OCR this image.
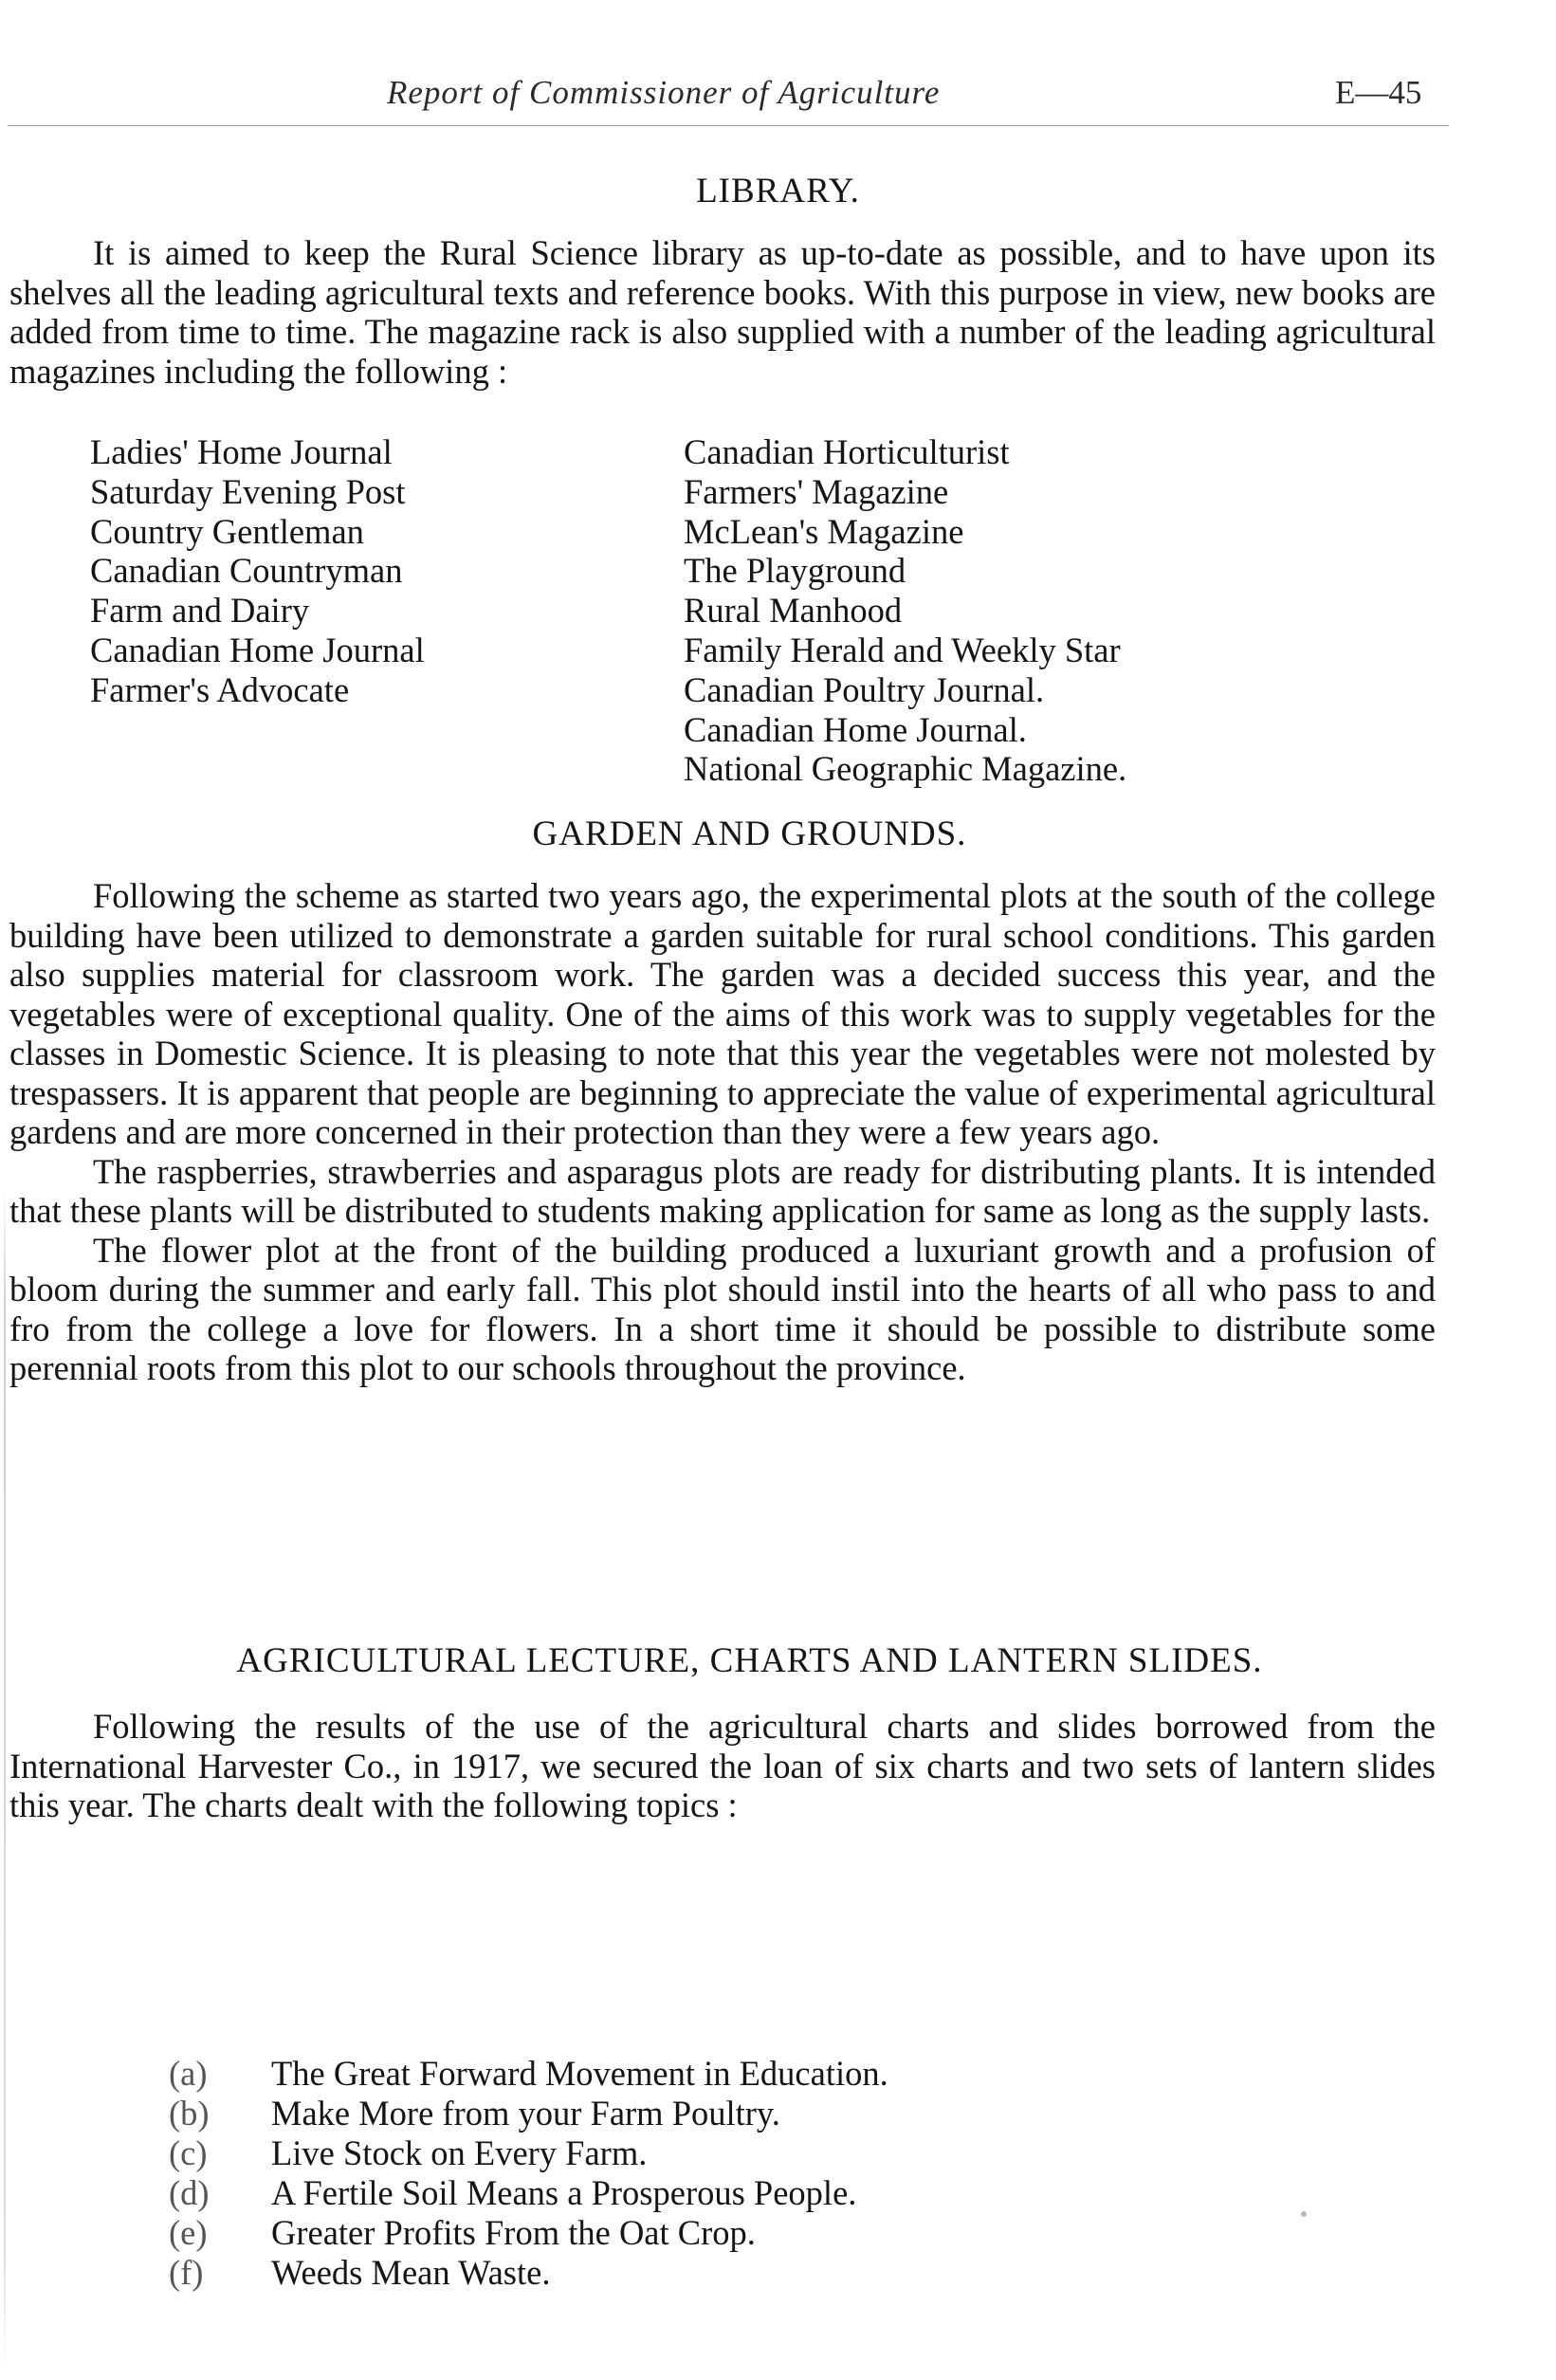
Report of Commissioner of Agriculture	E—45
LIBRARY.

It is aimed to keep the Rural Science library as up-to-date as possible, and to have upon its shelves all the leading agricultural texts and reference books. With this purpose in view, new books are added from time to time. The magazine rack is also supplied with a number of the leading agricultural magazines including the following :

Ladies' Home Journal
Saturday Evening Post
Country Gentleman
Canadian Countryman
Farm and Dairy
Canadian Home Journal
Farmer's Advocate
Canadian Horticulturist
Farmers' Magazine
McLean's Magazine
The Playground
Rural Manhood
Family Herald and Weekly Star
Canadian Poultry Journal.
Canadian Home Journal.
National Geographic Magazine.
GARDEN AND GROUNDS.

Following the scheme as started two years ago, the experimental plots at the south of the college building have been utilized to demonstrate a garden suitable for rural school conditions. This garden also supplies material for classroom work. The garden was a decided success this year, and the vegetables were of exceptional quality. One of the aims of this work was to supply vegetables for the classes in Domestic Science. It is pleasing to note that this year the vegetables were not molested by trespassers. It is apparent that people are beginning to appreciate the value of experimental agricultural gardens and are more concerned in their protection than they were a few years ago.

The raspberries, strawberries and asparagus plots are ready for distributing plants. It is intended that these plants will be distributed to students making application for same as long as the supply lasts.

The flower plot at the front of the building produced a luxuriant growth and a profusion of bloom during the summer and early fall. This plot should instil into the hearts of all who pass to and fro from the college a love for flowers. In a short time it should be possible to distribute some perennial roots from this plot to our schools throughout the province.

AGRICULTURAL LECTURE, CHARTS AND LANTERN SLIDES.

Following the results of the use of the agricultural charts and slides borrowed from the International Harvester Co., in 1917, we secured the loan of six charts and two sets of lantern slides this year. The charts dealt with the following topics :

(a) The Great Forward Movement in Education.
(b) Make More from your Farm Poultry.
(c) Live Stock on Every Farm.
(d) A Fertile Soil Means a Prosperous People.
(e) Greater Profits From the Oat Crop.
(f) Weeds Mean Waste.
